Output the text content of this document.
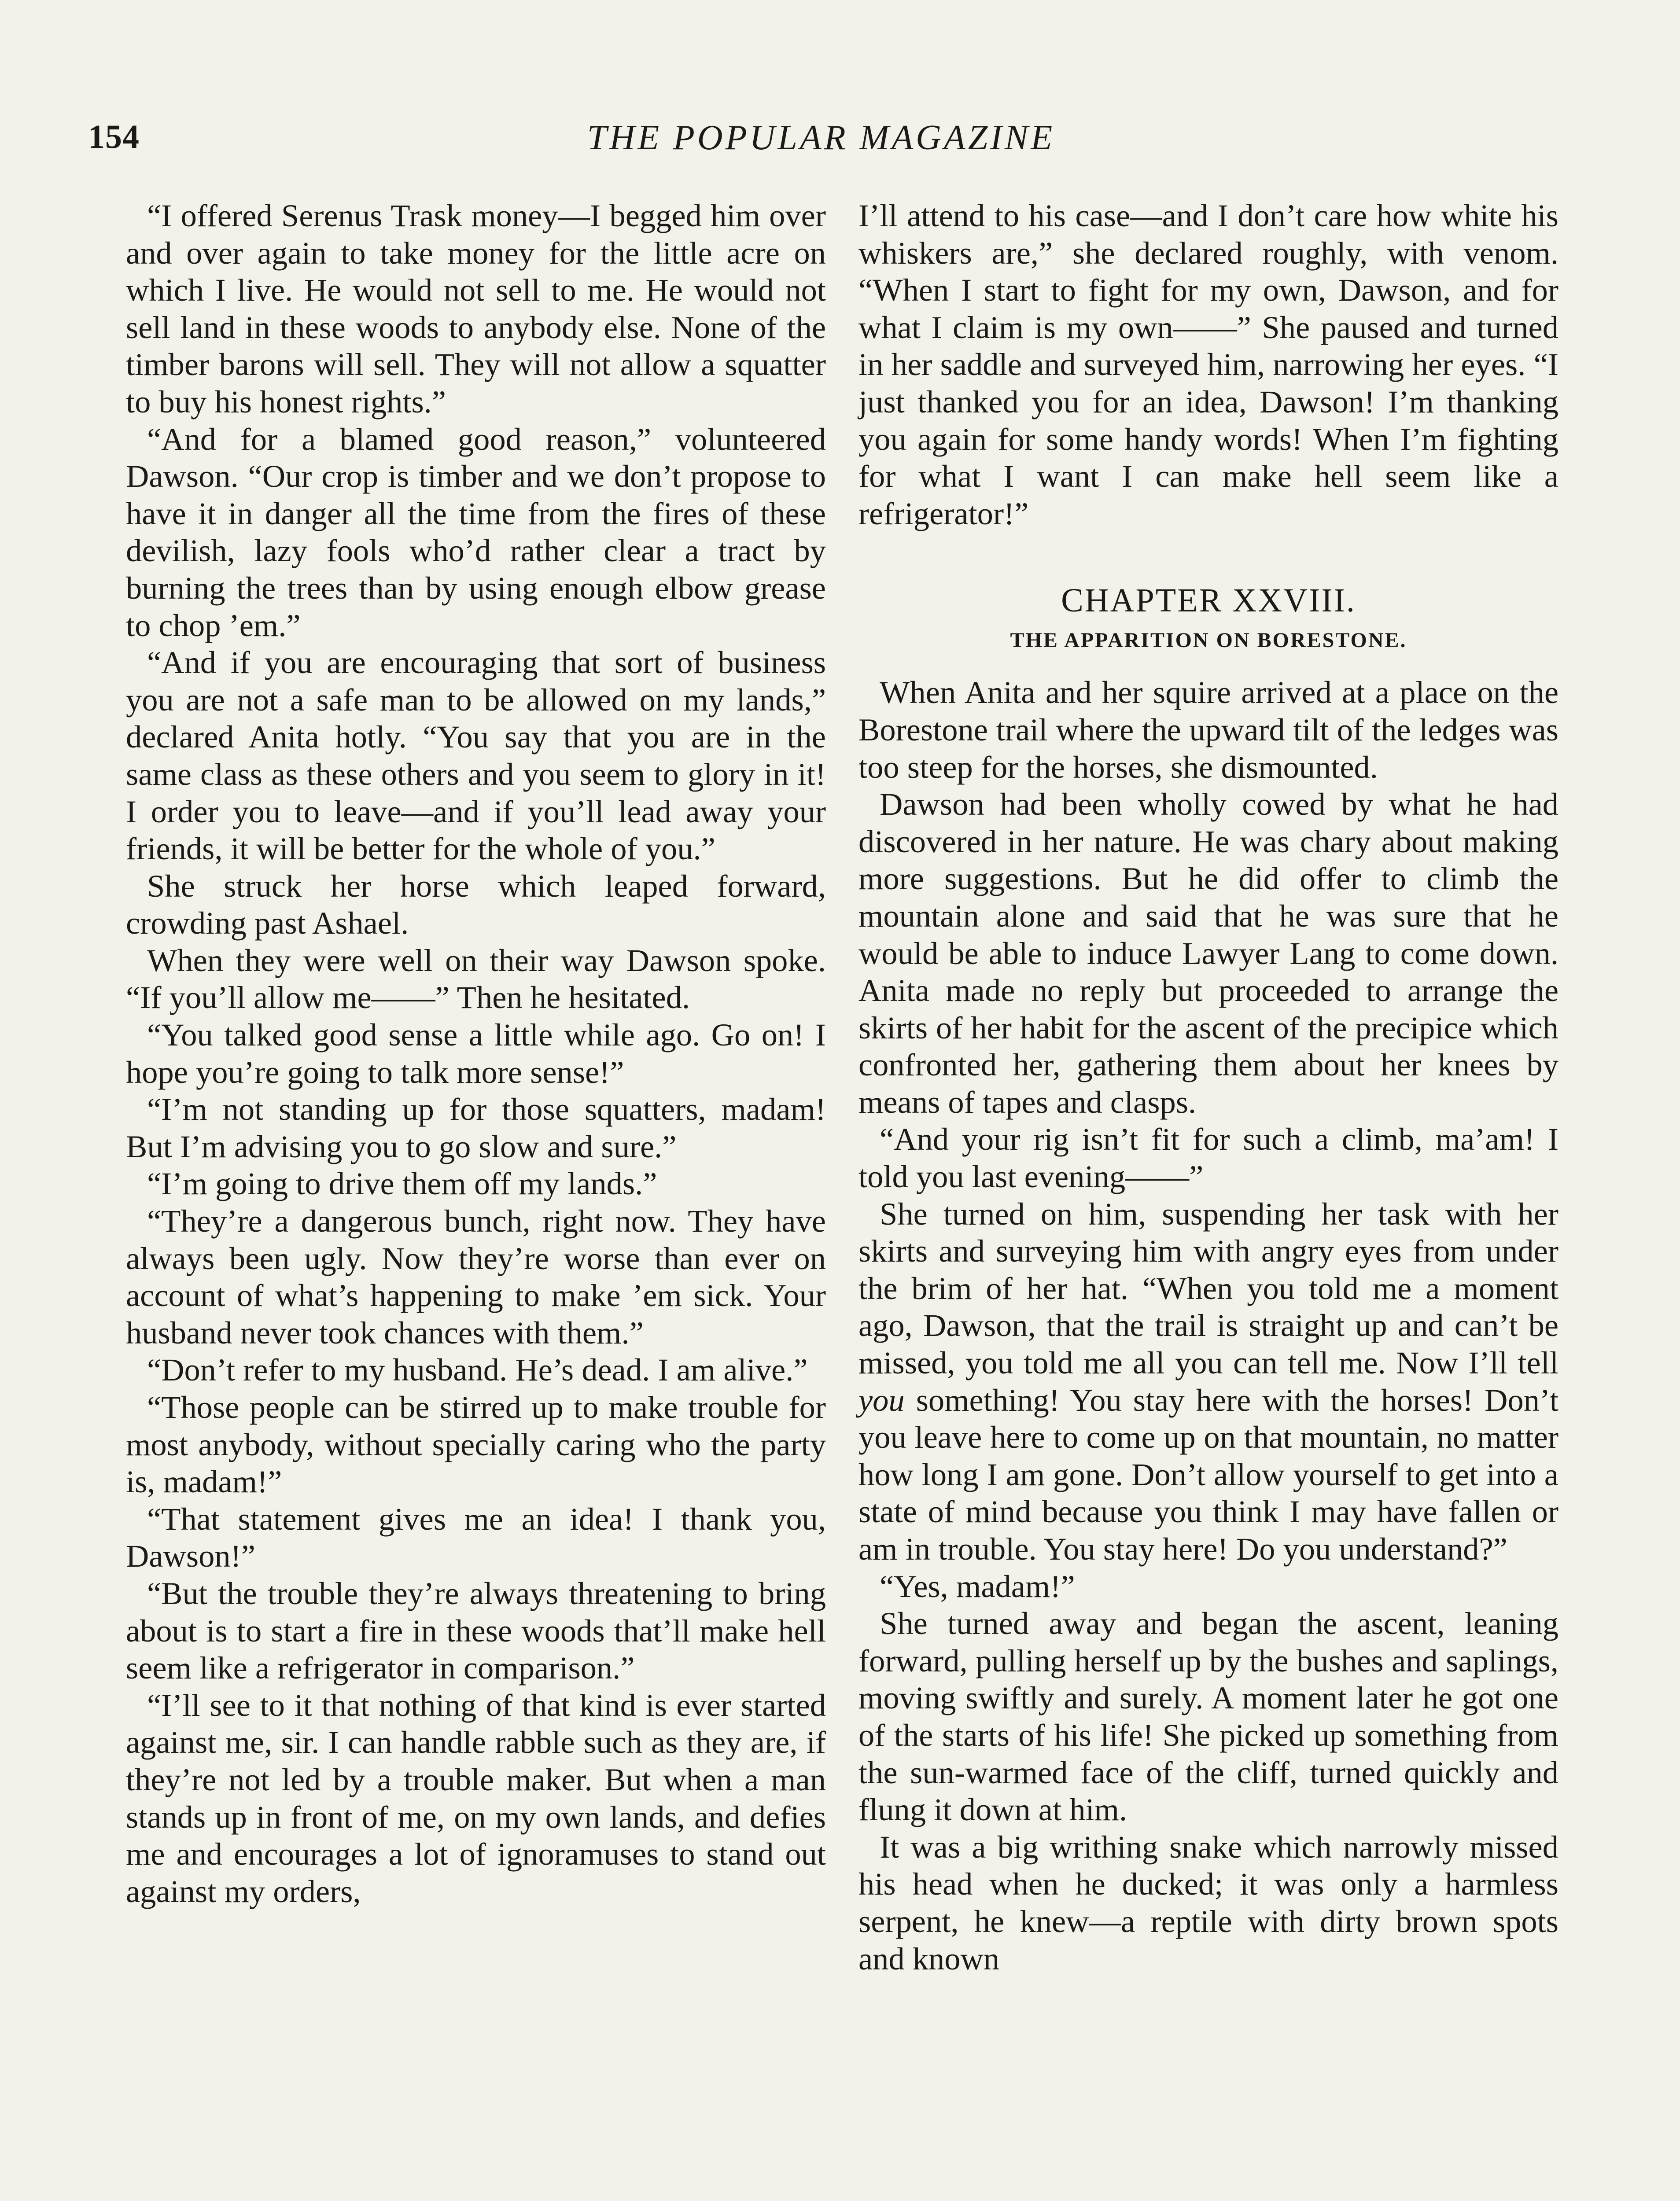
154	THE POPULAR MAGAZINE

“I offered Serenus Trask money—I begged him over and over again to take money for the little acre on which I live. He would not sell to me. He would not sell land in these woods to anybody else. None of the timber barons will sell. They will not allow a squatter to buy his honest rights.”

“And for a blamed good reason,” volunteered Dawson. “Our crop is timber and we don’t propose to have it in danger all the time from the fires of these devilish, lazy fools who’d rather clear a tract by burning the trees than by using enough elbow grease to chop ’em.”

“And if you are encouraging that sort of business you are not a safe man to be allowed on my lands,” declared Anita hotly. “You say that you are in the same class as these others and you seem to glory in it! I order you to leave—and if you’ll lead away your friends, it will be better for the whole of you.”

She struck her horse which leaped forward, crowding past Ashael.

When they were well on their way Dawson spoke. “If you’ll allow me——” Then he hesitated.

“You talked good sense a little while ago. Go on! I hope you’re going to talk more sense!”

“I’m not standing up for those squatters, madam! But I’m advising you to go slow and sure.”

“I’m going to drive them off my lands.”

“They’re a dangerous bunch, right now. They have always been ugly. Now they’re worse than ever on account of what’s happening to make ’em sick. Your husband never took chances with them.”

“Don’t refer to my husband. He’s dead. I am alive.”

“Those people can be stirred up to make trouble for most anybody, without specially caring who the party is, madam!”

“That statement gives me an idea! I thank you, Dawson!”

“But the trouble they’re always threatening to bring about is to start a fire in these woods that’ll make hell seem like a refrigerator in comparison.”

“I’ll see to it that nothing of that kind is ever started against me, sir. I can handle rabble such as they are, if they’re not led by a trouble maker. But when a man stands up in front of me, on my own lands, and defies me and encourages a lot of ignoramuses to stand out against my orders,

I’ll attend to his case—and I don’t care how white his whiskers are,” she declared roughly, with venom. “When I start to fight for my own, Dawson, and for what I claim is my own——” She paused and turned in her saddle and surveyed him, narrowing her eyes. “I just thanked you for an idea, Dawson! I’m thanking you again for some handy words! When I’m fighting for what I want I can make hell seem like a refrigerator!”

CHAPTER XXVIII.
THE APPARITION ON BORESTONE.

When Anita and her squire arrived at a place on the Borestone trail where the upward tilt of the ledges was too steep for the horses, she dismounted.

Dawson had been wholly cowed by what he had discovered in her nature. He was chary about making more suggestions. But he did offer to climb the mountain alone and said that he was sure that he would be able to induce Lawyer Lang to come down. Anita made no reply but proceeded to arrange the skirts of her habit for the ascent of the precipice which confronted her, gathering them about her knees by means of tapes and clasps.

“And your rig isn’t fit for such a climb, ma’am! I told you last evening——”

She turned on him, suspending her task with her skirts and surveying him with angry eyes from under the brim of her hat. “When you told me a moment ago, Dawson, that the trail is straight up and can’t be missed, you told me all you can tell me. Now I’ll tell you something! You stay here with the horses! Don’t you leave here to come up on that mountain, no matter how long I am gone. Don’t allow yourself to get into a state of mind because you think I may have fallen or am in trouble. You stay here! Do you understand?”

“Yes, madam!”

She turned away and began the ascent, leaning forward, pulling herself up by the bushes and saplings, moving swiftly and surely. A moment later he got one of the starts of his life! She picked up something from the sun-warmed face of the cliff, turned quickly and flung it down at him.

It was a big writhing snake which narrowly missed his head when he ducked; it was only a harmless serpent, he knew—a reptile with dirty brown spots and known
